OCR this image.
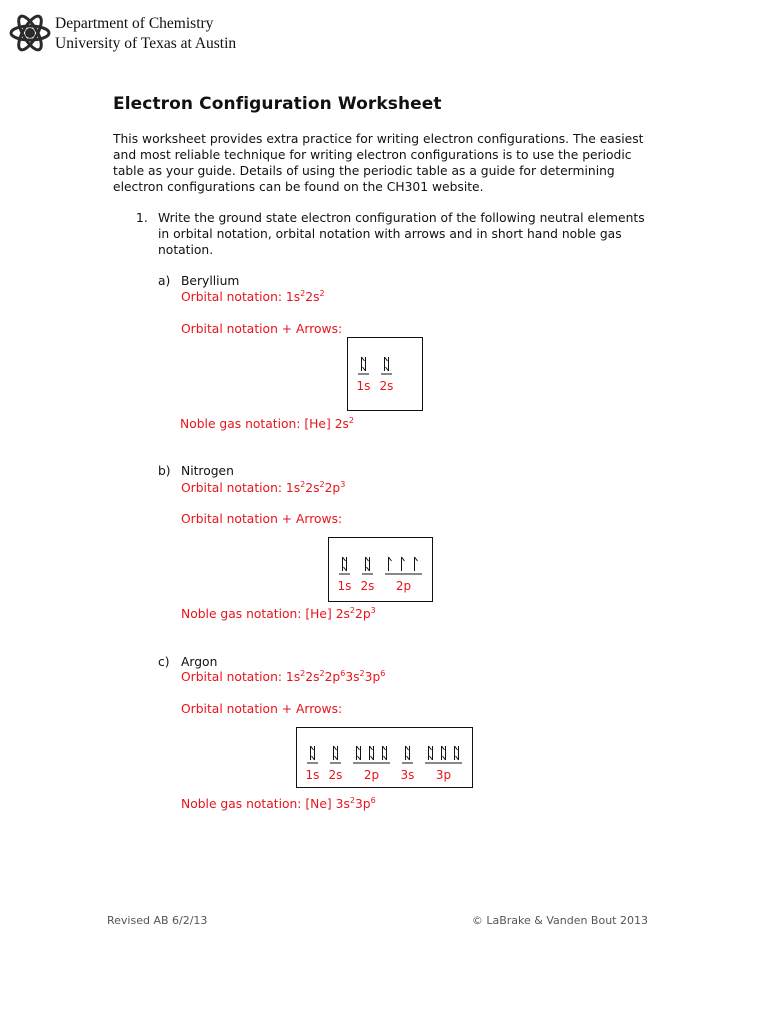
Department of Chemistry
University of Texas at Austin
Electron Configuration Worksheet

This worksheet provides extra practice for writing electron configurations. The easiest and most reliable technique for writing electron configurations is to use the periodic table as your guide. Details of using the periodic table as a guide for determining electron configurations can be found on the CH301 website.

1. Write the ground state electron configuration of the following neutral elements in orbital notation, orbital notation with arrows and in short hand noble gas notation.

a) Beryllium
Orbital notation: $1s^22s^2$
Orbital notation + Arrows:
1s 2s
Noble gas notation: [He] $2s^2$
b) Nitrogen
Orbital notation: $1s^22s^22p^3$
Orbital notation + Arrows:
1s 2s 2p
Noble gas notation: [He] $2s^22p^3$
c) Argon
Orbital notation: $1s^22s^22p^63s^23p^6$
Orbital notation + Arrows:
1s 2s 2p 3s 3p
Noble gas notation: [Ne] $3s^23p^6$
Revised AB 6/2/13	© LaBrake & Vanden Bout 2013
